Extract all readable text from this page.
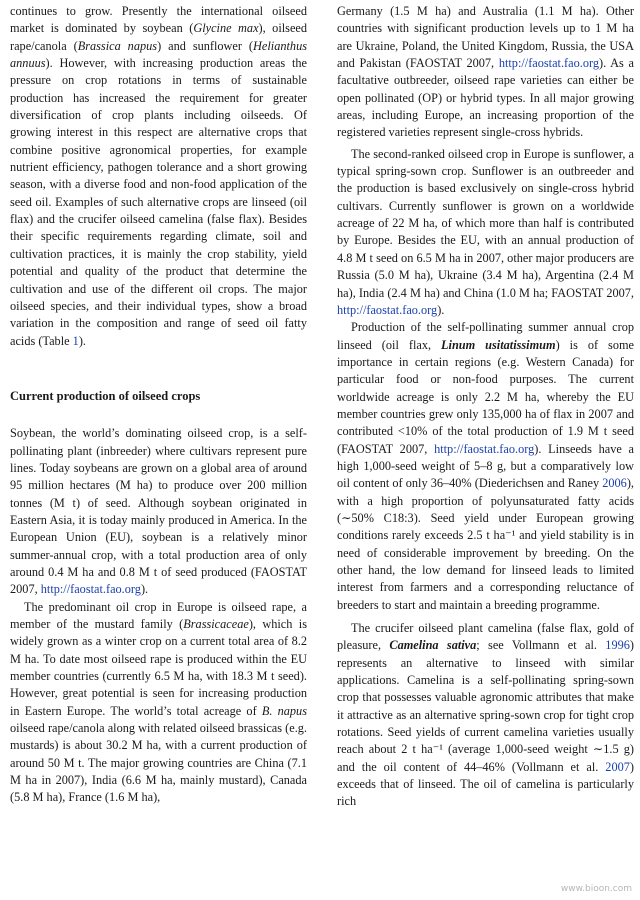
continues to grow. Presently the international oilseed market is dominated by soybean (Glycine max), oilseed rape/canola (Brassica napus) and sunflower (Helianthus annuus). However, with increasing production areas the pressure on crop rotations in terms of sustainable production has increased the requirement for greater diversification of crop plants including oilseeds. Of growing interest in this respect are alternative crops that combine positive agronomical properties, for example nutrient efficiency, pathogen tolerance and a short growing season, with a diverse food and non-food application of the seed oil. Examples of such alternative crops are linseed (oil flax) and the crucifer oilseed camelina (false flax). Besides their specific requirements regarding climate, soil and cultivation practices, it is mainly the crop stability, yield potential and quality of the product that determine the cultivation and use of the different oil crops. The major oilseed species, and their individual types, show a broad variation in the composition and range of seed oil fatty acids (Table 1).

Current production of oilseed crops

Soybean, the world’s dominating oilseed crop, is a self-pollinating plant (inbreeder) where cultivars represent pure lines. Today soybeans are grown on a global area of around 95 million hectares (M ha) to produce over 200 million tonnes (M t) of seed. Although soybean originated in Eastern Asia, it is today mainly produced in America. In the European Union (EU), soybean is a relatively minor summer-annual crop, with a total production area of only around 0.4 M ha and 0.8 M t of seed produced (FAOSTAT 2007, http://faostat.fao.org).

The predominant oil crop in Europe is oilseed rape, a member of the mustard family (Brassicaceae), which is widely grown as a winter crop on a current total area of 8.2 M ha. To date most oilseed rape is produced within the EU member countries (currently 6.5 M ha, with 18.3 M t seed). However, great potential is seen for increasing production in Eastern Europe. The world’s total acreage of B. napus oilseed rape/canola along with related oilseed brassicas (e.g. mustards) is about 30.2 M ha, with a current production of around 50 M t. The major growing countries are China (7.1 M ha in 2007), India (6.6 M ha, mainly mustard), Canada (5.8 M ha), France (1.6 M ha),

Germany (1.5 M ha) and Australia (1.1 M ha). Other countries with significant production levels up to 1 M ha are Ukraine, Poland, the United Kingdom, Russia, the USA and Pakistan (FAOSTAT 2007, http://faostat.fao.org). As a facultative outbreeder, oilseed rape varieties can either be open pollinated (OP) or hybrid types. In all major growing areas, including Europe, an increasing proportion of the registered varieties represent single-cross hybrids.

The second-ranked oilseed crop in Europe is sunflower, a typical spring-sown crop. Sunflower is an outbreeder and the production is based exclusively on single-cross hybrid cultivars. Currently sunflower is grown on a worldwide acreage of 22 M ha, of which more than half is contributed by Europe. Besides the EU, with an annual production of 4.8 M t seed on 6.5 M ha in 2007, other major producers are Russia (5.0 M ha), Ukraine (3.4 M ha), Argentina (2.4 M ha), India (2.4 M ha) and China (1.0 M ha; FAOSTAT 2007, http://faostat.fao.org).

Production of the self-pollinating summer annual crop linseed (oil flax, Linum usitatissimum) is of some importance in certain regions (e.g. Western Canada) for particular food or non-food purposes. The current worldwide acreage is only 2.2 M ha, whereby the EU member countries grew only 135,000 ha of flax in 2007 and contributed <10% of the total production of 1.9 M t seed (FAOSTAT 2007, http://faostat.fao.org). Linseeds have a high 1,000-seed weight of 5–8 g, but a comparatively low oil content of only 36–40% (Diederichsen and Raney 2006), with a high proportion of polyunsaturated fatty acids (∼50% C18:3). Seed yield under European growing conditions rarely exceeds 2.5 t ha⁻¹ and yield stability is in need of considerable improvement by breeding. On the other hand, the low demand for linseed leads to limited interest from farmers and a corresponding reluctance of breeders to start and maintain a breeding programme.

The crucifer oilseed plant camelina (false flax, gold of pleasure, Camelina sativa; see Vollmann et al. 1996) represents an alternative to linseed with similar applications. Camelina is a self-pollinating spring-sown crop that possesses valuable agronomic attributes that make it attractive as an alternative spring-sown crop for tight crop rotations. Seed yields of current camelina varieties usually reach about 2 t ha⁻¹ (average 1,000-seed weight ∼1.5 g) and the oil content of 44–46% (Vollmann et al. 2007) exceeds that of linseed. The oil of camelina is particularly rich

www.bioon.com
